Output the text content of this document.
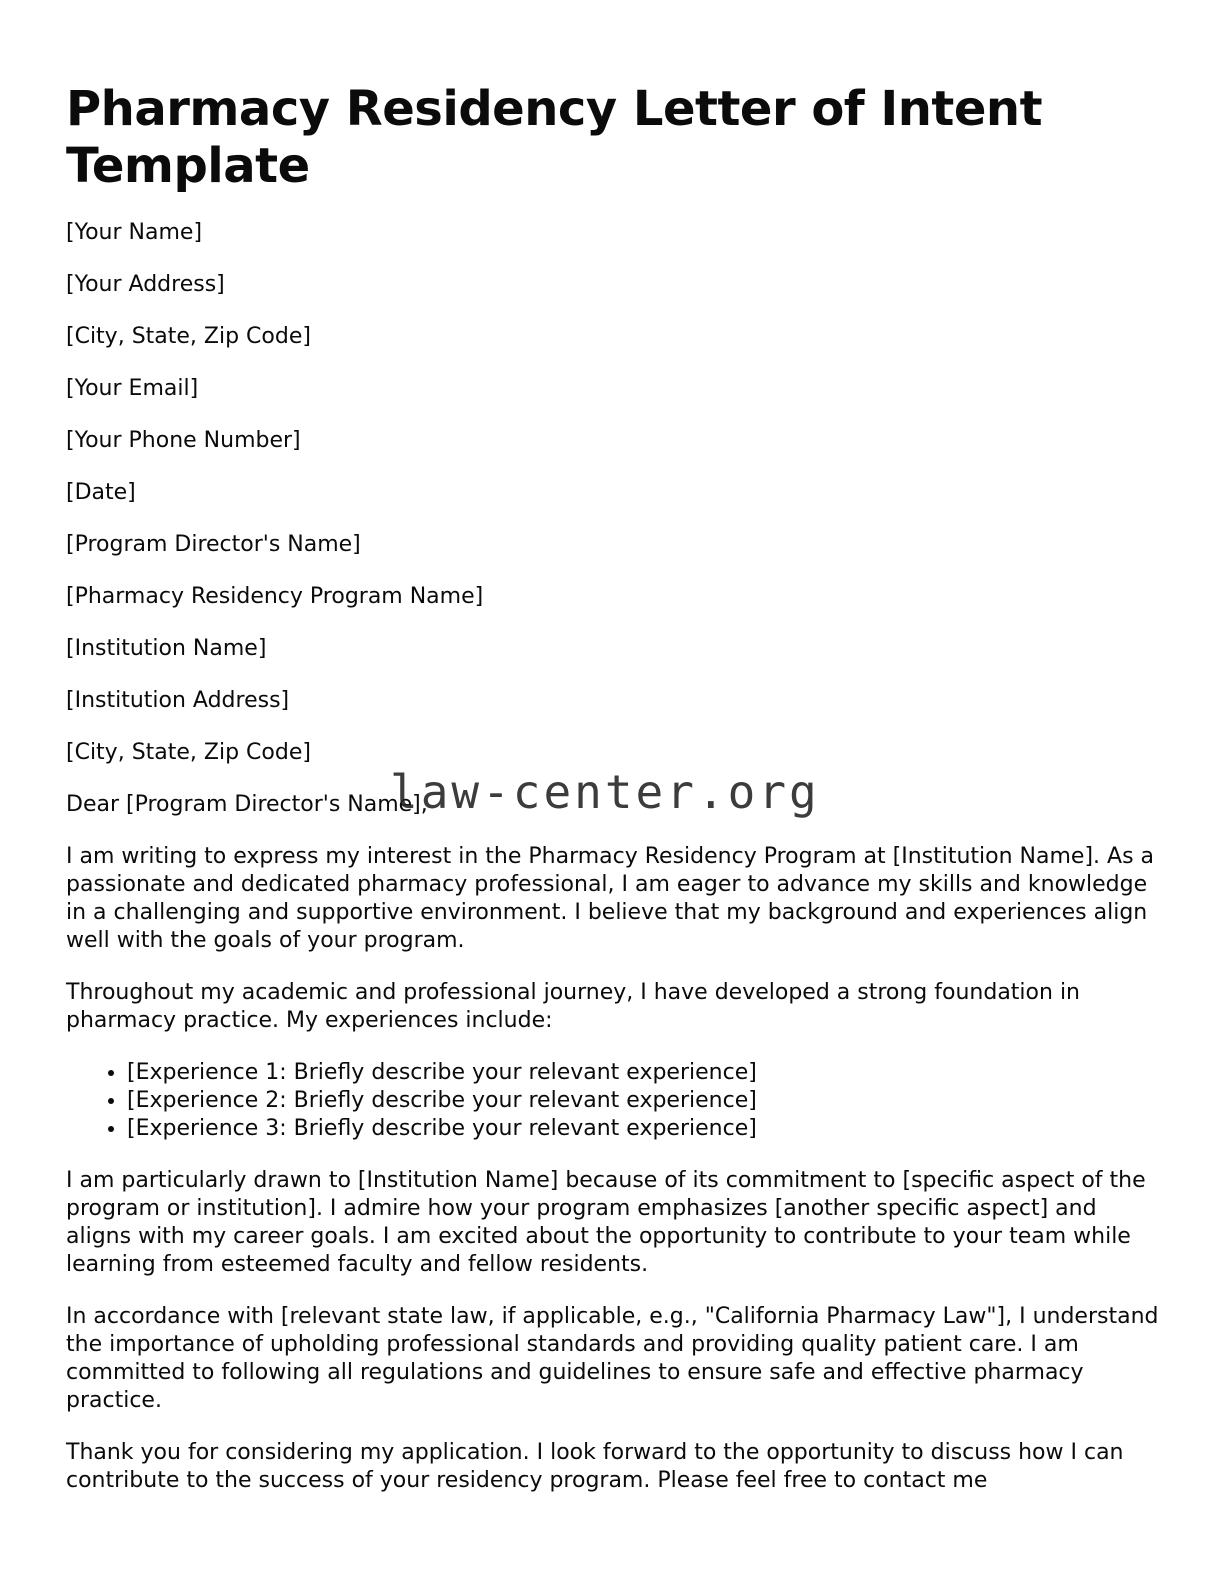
Pharmacy Residency Letter of Intent Template

[Your Name]

[Your Address]

[City, State, Zip Code]

[Your Email]

[Your Phone Number]

[Date]

[Program Director's Name]

[Pharmacy Residency Program Name]

[Institution Name]

[Institution Address]

[City, State, Zip Code]

Dear [Program Director's Name],

I am writing to express my interest in the Pharmacy Residency Program at [Institution Name]. As a passionate and dedicated pharmacy professional, I am eager to advance my skills and knowledge in a challenging and supportive environment. I believe that my background and experiences align well with the goals of your program.

Throughout my academic and professional journey, I have developed a strong foundation in pharmacy practice. My experiences include:

• [Experience 1: Briefly describe your relevant experience]
• [Experience 2: Briefly describe your relevant experience]
• [Experience 3: Briefly describe your relevant experience]

I am particularly drawn to [Institution Name] because of its commitment to [specific aspect of the program or institution]. I admire how your program emphasizes [another specific aspect] and aligns with my career goals. I am excited about the opportunity to contribute to your team while learning from esteemed faculty and fellow residents.

In accordance with [relevant state law, if applicable, e.g., "California Pharmacy Law"], I understand the importance of upholding professional standards and providing quality patient care. I am committed to following all regulations and guidelines to ensure safe and effective pharmacy practice.

Thank you for considering my application. I look forward to the opportunity to discuss how I can contribute to the success of your residency program. Please feel free to contact me

law-center.org
